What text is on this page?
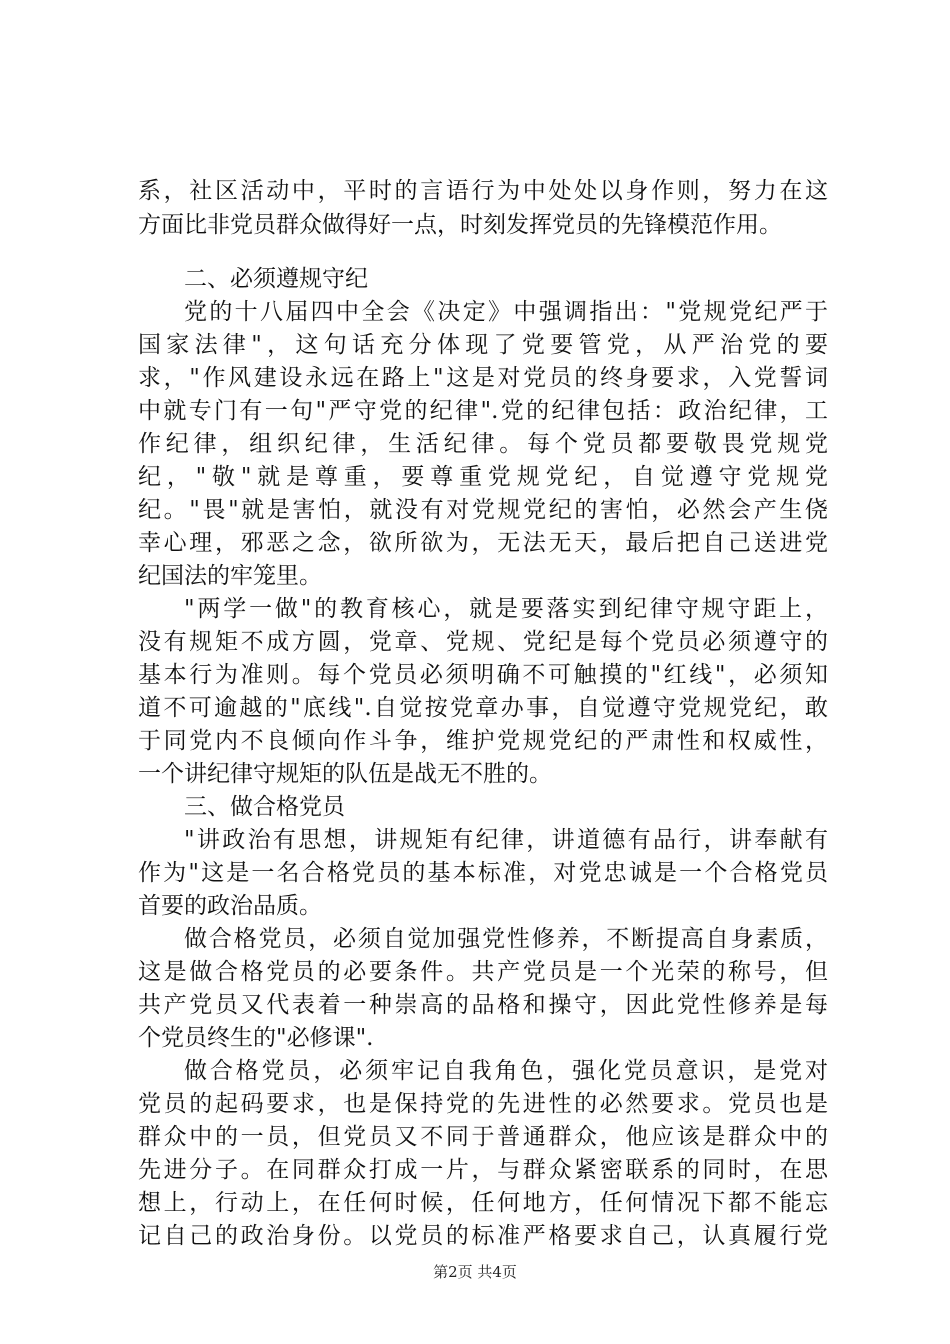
系，社区活动中，平时的言语行为中处处以身作则，努力在这
方面比非党员群众做得好一点，时刻发挥党员的先锋模范作用。
二、必须遵规守纪
党的十八届四中全会《决定》中强调指出："党规党纪严于
国家法律"，这句话充分体现了党要管党，从严治党的要
求，"作风建设永远在路上"这是对党员的终身要求，入党誓词
中就专门有一句"严守党的纪律".党的纪律包括：政治纪律，工
作纪律，组织纪律，生活纪律。每个党员都要敬畏党规党
纪，"敬"就是尊重，要尊重党规党纪，自觉遵守党规党
纪。"畏"就是害怕，就没有对党规党纪的害怕，必然会产生侥
幸心理，邪恶之念，欲所欲为，无法无天，最后把自己送进党
纪国法的牢笼里。
"两学一做"的教育核心，就是要落实到纪律守规守距上，
没有规矩不成方圆，党章、党规、党纪是每个党员必须遵守的
基本行为准则。每个党员必须明确不可触摸的"红线"，必须知
道不可逾越的"底线".自觉按党章办事，自觉遵守党规党纪，敢
于同党内不良倾向作斗争，维护党规党纪的严肃性和权威性，
一个讲纪律守规矩的队伍是战无不胜的。
三、做合格党员
"讲政治有思想，讲规矩有纪律，讲道德有品行，讲奉献有
作为"这是一名合格党员的基本标准，对党忠诚是一个合格党员
首要的政治品质。
做合格党员，必须自觉加强党性修养，不断提高自身素质，
这是做合格党员的必要条件。共产党员是一个光荣的称号，但
共产党员又代表着一种崇高的品格和操守，因此党性修养是每
个党员终生的"必修课".
做合格党员，必须牢记自我角色，强化党员意识，是党对
党员的起码要求，也是保持党的先进性的必然要求。党员也是
群众中的一员，但党员又不同于普通群众，他应该是群众中的
先进分子。在同群众打成一片，与群众紧密联系的同时，在思
想上，行动上，在任何时候，任何地方，任何情况下都不能忘
记自己的政治身份。以党员的标准严格要求自己，认真履行党
第2页 共4页
